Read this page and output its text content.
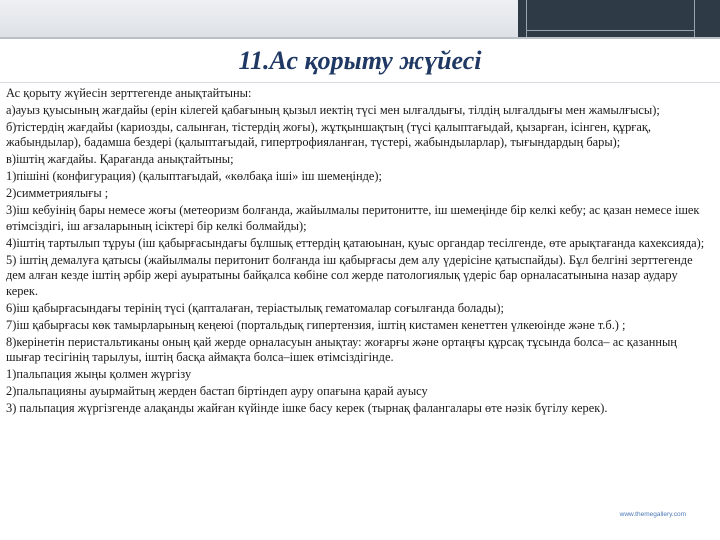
11.Ас қорыту жүйесі

Ас қорыту жүйесін зерттегенде анықтайтыны:

а)ауыз қуысының жағдайы (ерін кілегей қабағының қызыл иектің түсі мен ылғалдығы, тілдің ылғалдығы мен жамылғысы);

б)тістердің жағдайы (кариозды, салынған, тістердің жоғы), жұтқыншақтың (түсі қалыптағыдай, қызарған, ісінген, құрғақ, жабындылар), бадамша бездері (қалыптағыдай, гипертрофияланған, түстері, жабындыларлар), тығындардың бары);

в)іштің жағдайы. Қарағанда анықтайтыны;

1)пішіні (конфигурация) (қалыптағыдай, «көлбақа іші» іш шемеңінде);

2)симметриялығы ;

3)іш кебуінің бары немесе жоғы (метеоризм болғанда, жайылмалы перитонитте, іш шемеңінде бір келкі кебу; ас қазан немесе ішек өтімсіздігі, іш ағзаларының ісіктері бір келкі болмайды);

4)іштің тартылып тұруы (іш қабырғасындағы бұлшық еттердің қатаюынан, қуыс органдар тесілгенде, өте арықтағанда кахексияда);

5) іштің демалуға қатысы (жайылмалы перитонит болғанда іш қабырғасы дем алу үдерісіне қатыспайды). Бұл белгіні зерттегенде дем алған кезде іштің әрбір жері ауыратыны байқалса көбіне сол жерде патологиялық үдеріс бар орналасатынына назар аудару керек.

6)іш қабырғасындағы терінің түсі (қапталаған, теріастылық гематомалар соғылғанда болады);

7)іш қабырғасы көк тамырларының кеңеюі (портальдық гипертензия, іштің кистамен кенеттен үлкеюінде және т.б.) ;

8)керінетін перистальтиканы оның қай жерде орналасуын анықтау: жоғарғы және ортаңғы құрсақ тұсында болса– ас қазанның шығар тесігінің тарылуы, іштің басқа аймақта болса–ішек өтімсіздігінде.

1)пальпация жыңы қолмен жүргізу

2)пальпацияны ауырмайтың жерден бастап біртіндеп ауру опағына қарай ауысу

3) пальпация жүргізгенде алақанды жайған күйінде ішке басу керек (тырнақ фалангалары өте нәзік бүгілу керек).

www.themegallery.com
